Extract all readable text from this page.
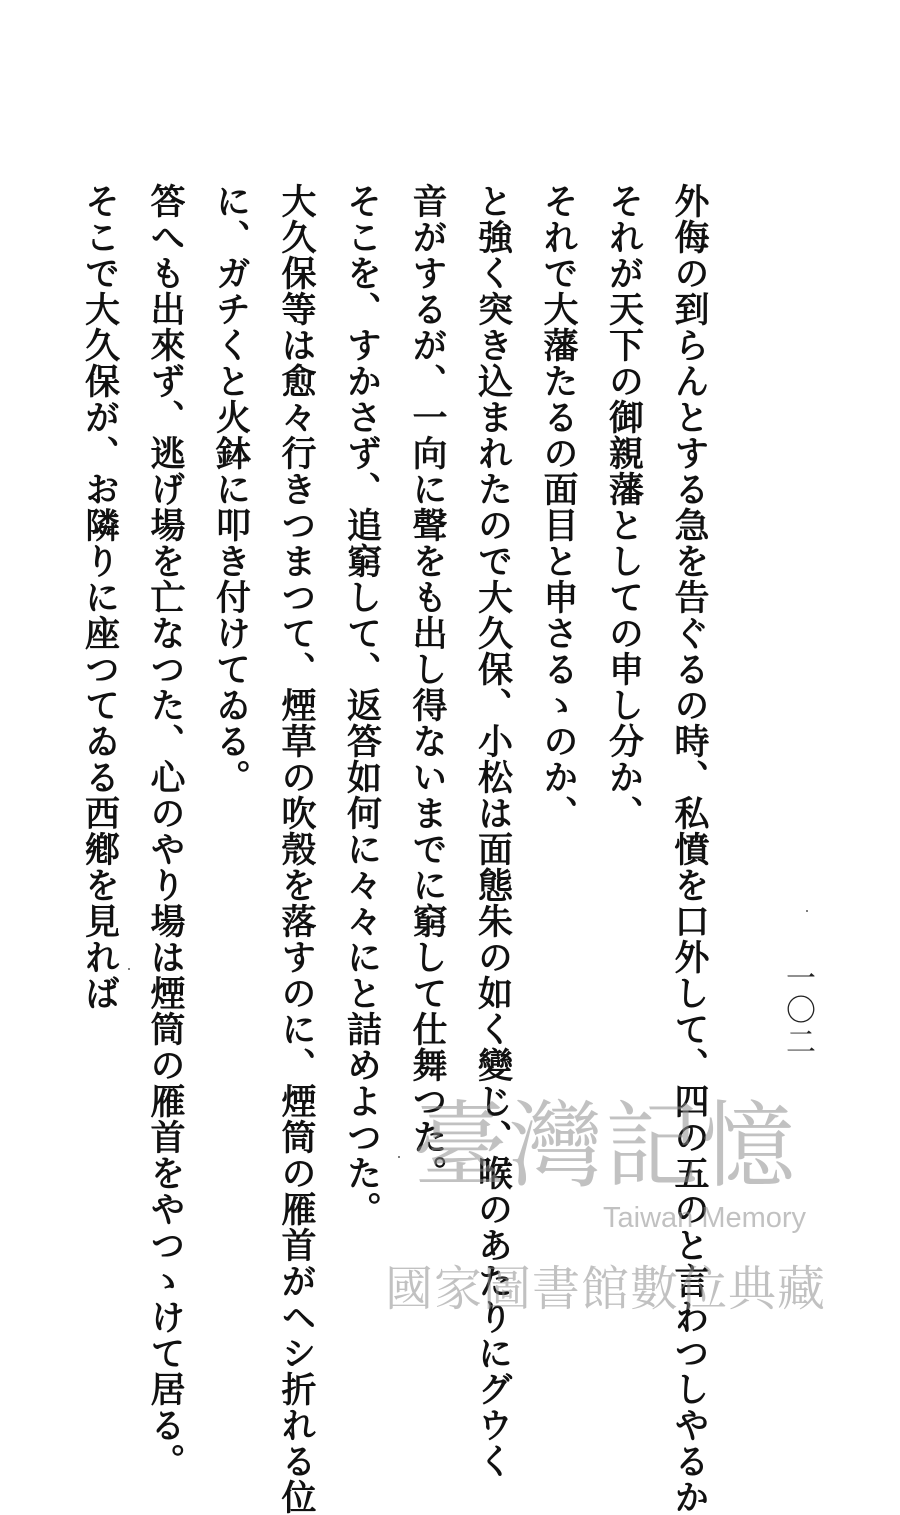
外侮の到らんとする急を告ぐるの時、私憤を口外して、四の五のと言わつしやるか
それが天下の御親藩としての申し分か、
それで大藩たるの面目と申さるゝのか、
と強く突き込まれたので大久保、小松は面態朱の如く變じ、喉のあたりにグウく
音がするが、一向に聲をも出し得ないまでに窮して仕舞つた。
そこを、すかさず、追窮して、返答如何に々々にと詰めよつた。
大久保等は愈々行きつまつて、煙草の吹殼を落すのに、煙筒の雁首がヘシ折れる位
に、ガチくと火鉢に叩き付けてゐる。
答へも出來ず、逃げ場を亡なつた、心のやり場は煙筒の雁首をやつゝけて居る。
そこで大久保が、お隣りに座つてゐる西鄕を見れば	一〇二
臺灣記憶
Taiwan Memory
國家圖書館數位典藏
